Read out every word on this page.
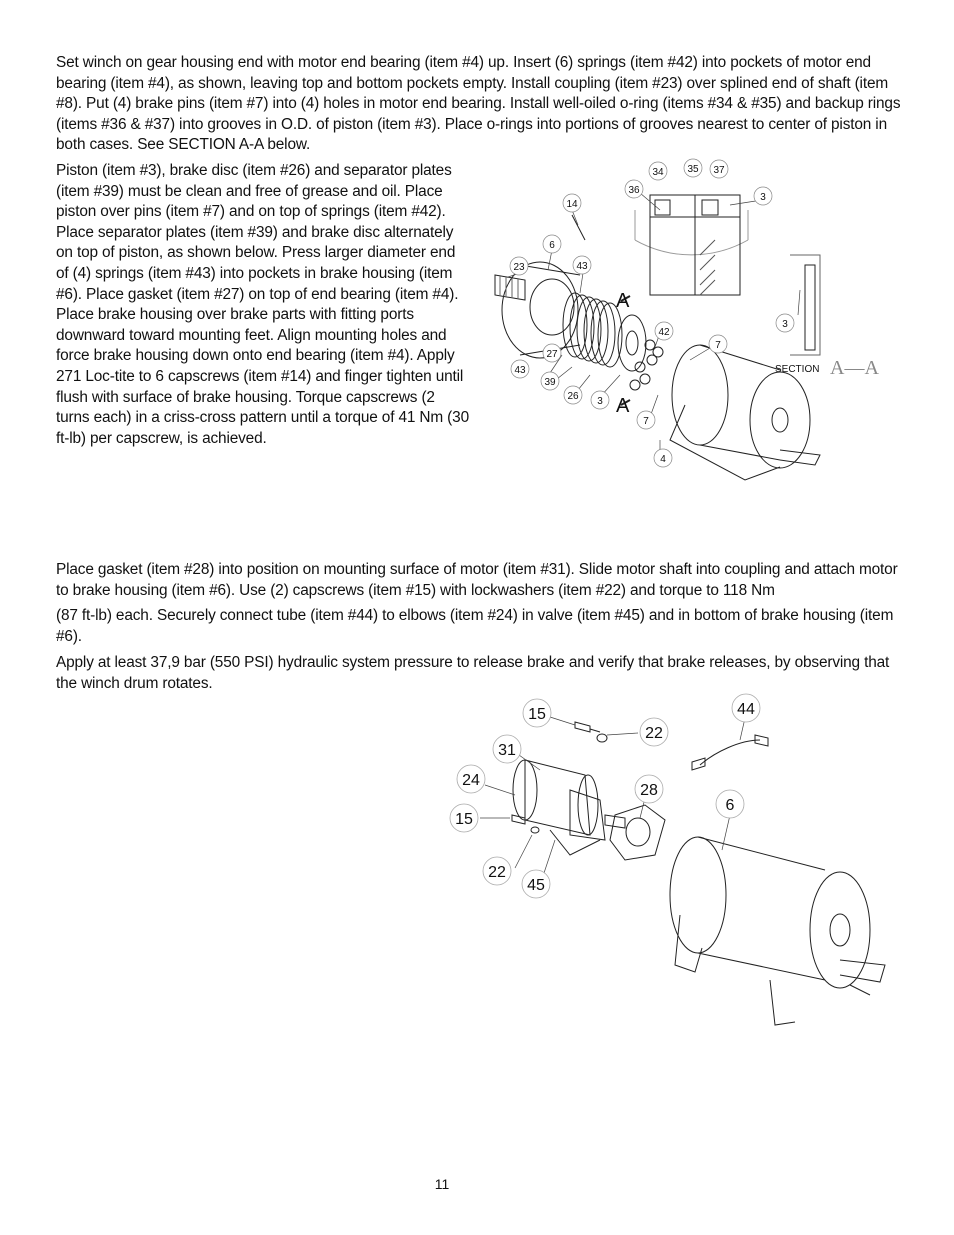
Set winch on gear housing end with motor end bearing (item #4) up. Insert (6) springs (item #42) into pockets of motor end bearing (item #4), as shown, leaving top and bottom pockets empty. Install coupling (item #23) over splined end of shaft (item #8). Put (4) brake pins (item #7) into (4) holes in motor end bearing. Install well-oiled o-ring (items #34 & #35) and backup rings (items #36 & #37) into grooves in O.D. of piston (item #3). Place o-rings into portions of grooves nearest to center of piston in both cases. See SECTION A-A below.
Piston (item #3), brake disc (item #26) and separator plates (item #39) must be clean and free of grease and oil. Place piston over pins (item #7) and on top of springs (item #42). Place separator plates (item #39) and brake disc alternately on top of piston, as shown below. Press larger diameter end of (4) springs (item #43) into pockets in brake housing (item #6). Place gasket (item #27) on top of end bearing (item #4). Place brake housing over brake parts with fitting ports downward toward mounting feet. Align mounting holes and force brake housing down onto end bearing (item #4). Apply 271 Loc-tite to 6 capscrews (item #14) and finger tighten until flush with surface of brake housing. Torque capscrews (2 turns each) in a criss-cross pattern until a torque of 41 Nm (30 ft-lb) per capscrew, is achieved.
34 35 37
36
3
14
6
23	43
42
7
3
27
43
39
26 3
7
4
A
A
SECTION A—A
Place gasket (item #28) into position on mounting surface of motor (item #31). Slide motor shaft into coupling and attach motor to brake housing (item #6). Use (2) capscrews (item #15) with lockwashers (item #22) and torque to 118 Nm
(87 ft-lb) each. Securely connect tube (item #44) to elbows (item #24) in valve (item #45) and in bottom of brake housing (item #6).
Apply at least 37,9 bar (550 PSI) hydraulic system pressure to release brake and verify that brake releases, by observing that the winch drum rotates.
15
22
44
31
24
28
6
15
22
45
11
